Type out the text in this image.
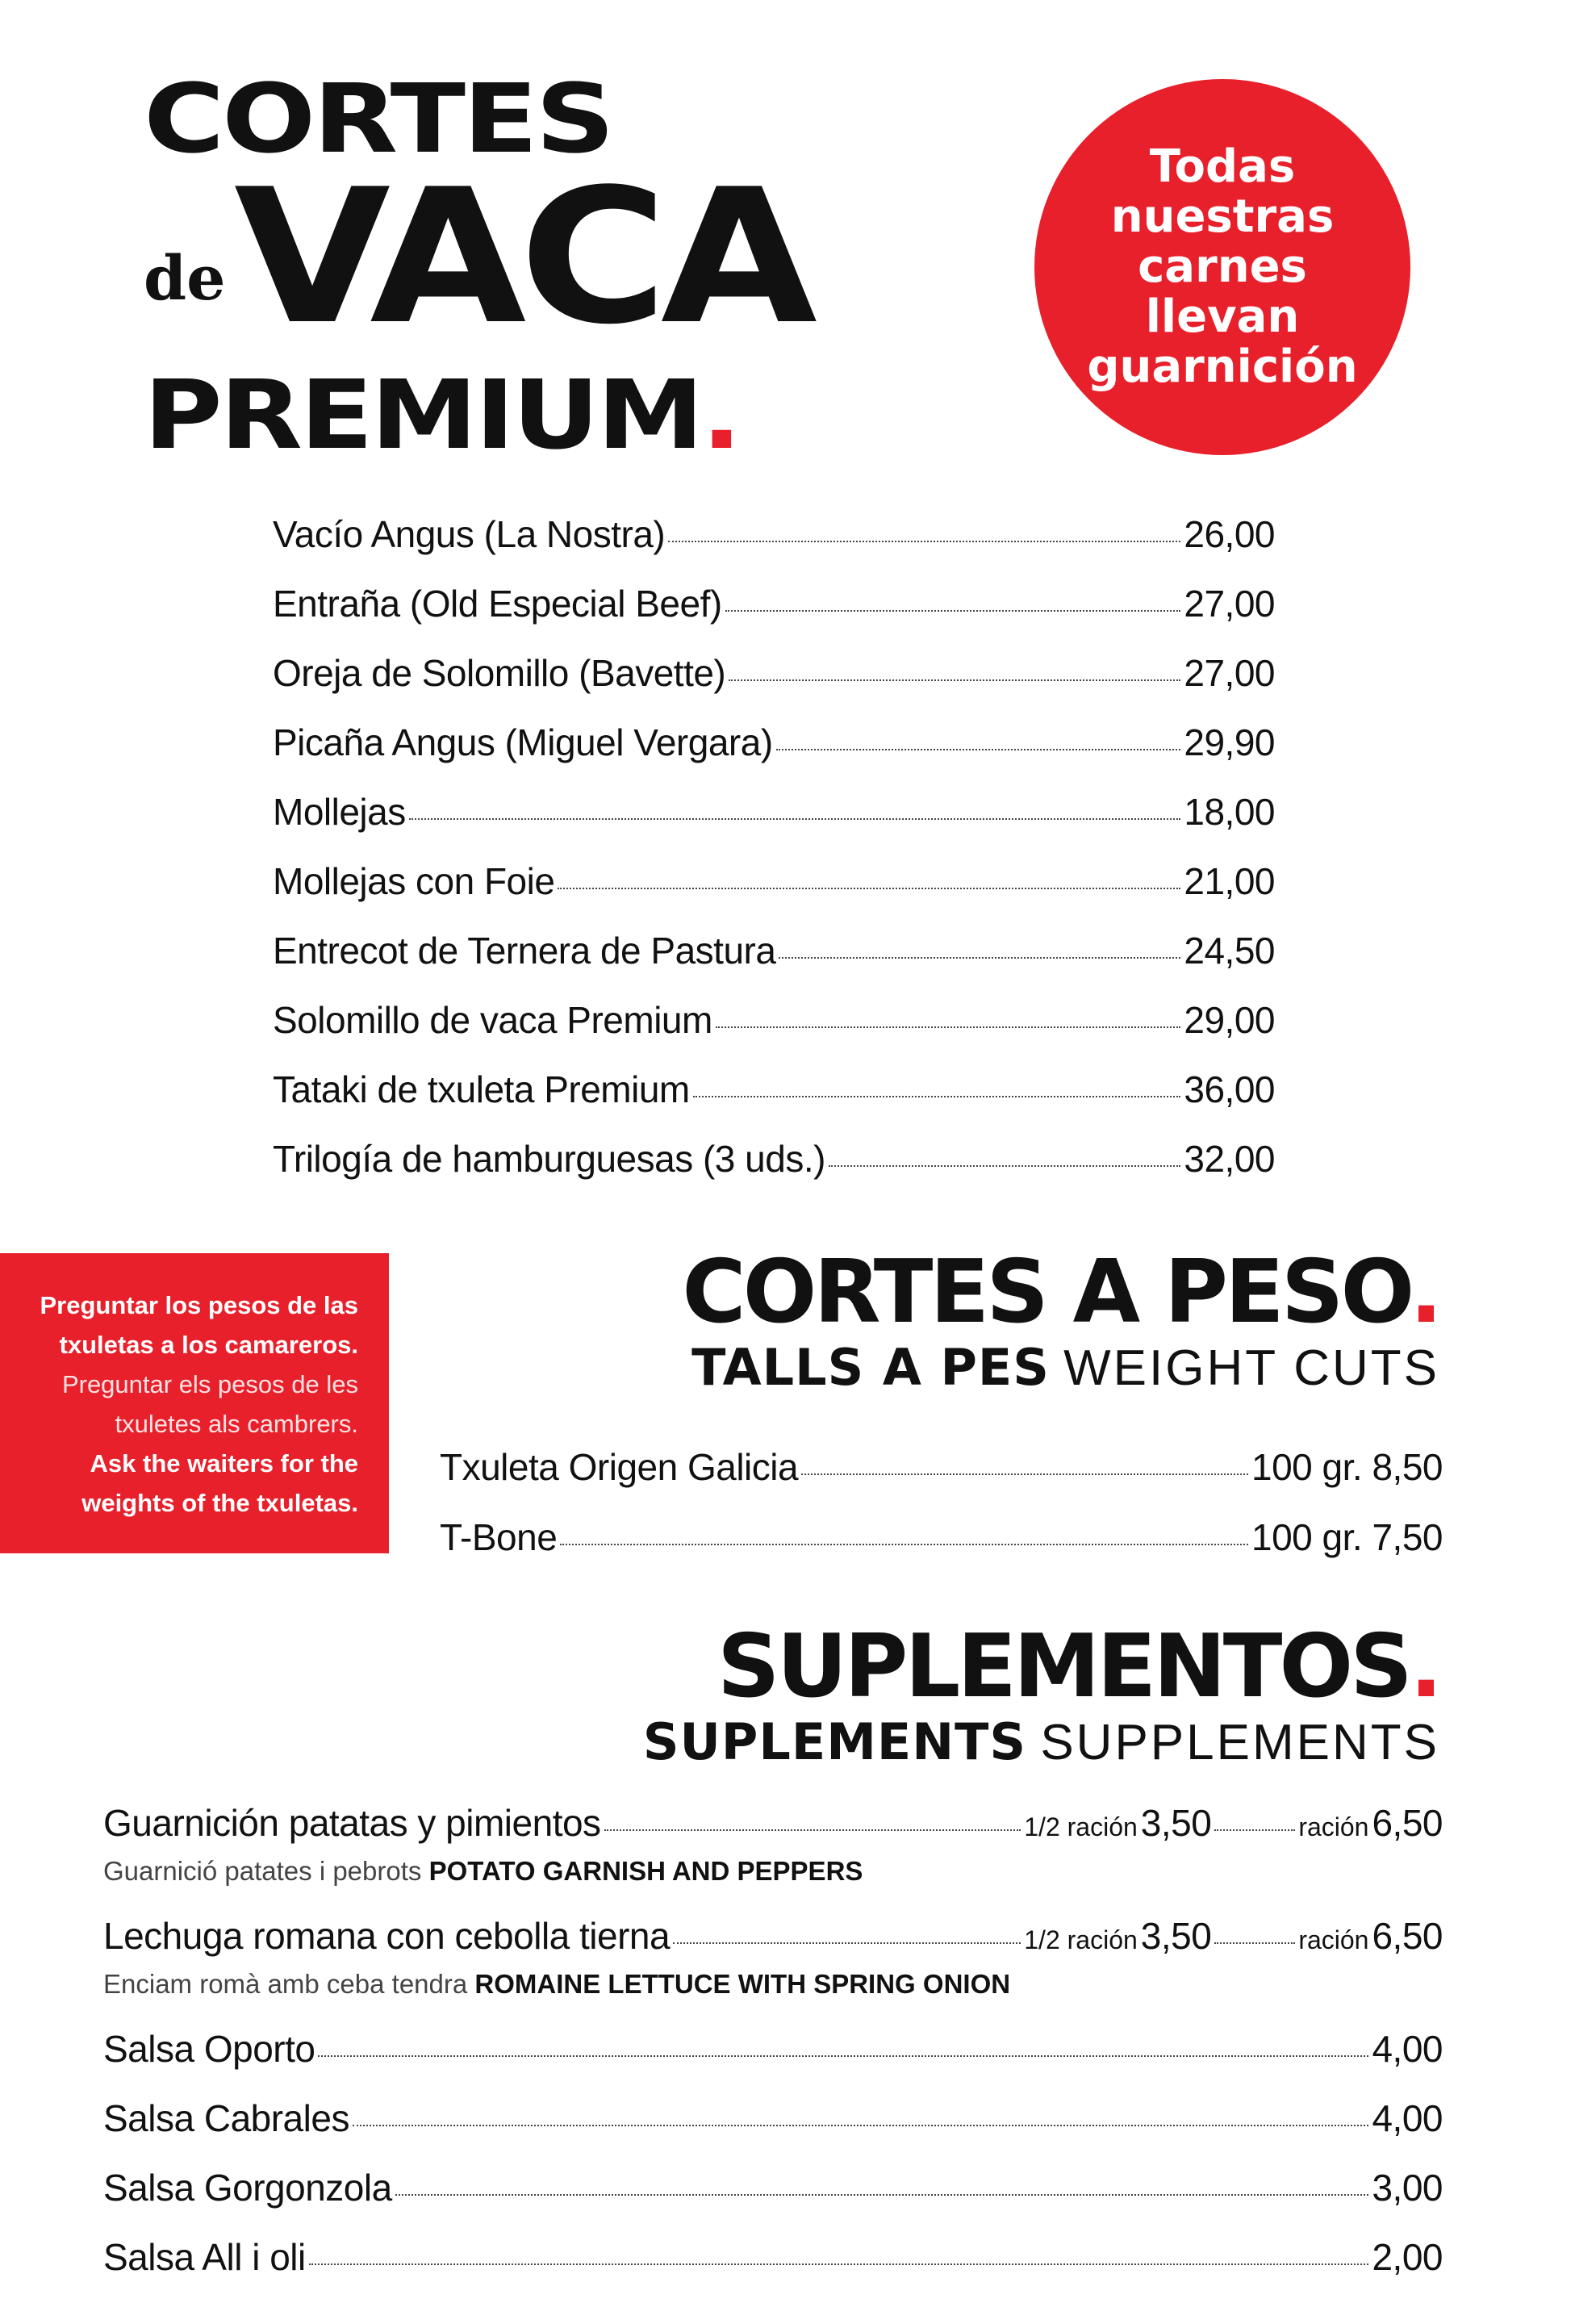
CORTES
de VACA
PREMIUM.
Todas
nuestras
carnes
llevan
guarnición
Vacío Angus (La Nostra)	26,00
Entraña (Old Especial Beef)	27,00
Oreja de Solomillo (Bavette)	27,00
Picaña Angus (Miguel Vergara)	29,90
Mollejas	18,00
Mollejas con Foie	21,00
Entrecot de Ternera de Pastura	24,50
Solomillo de vaca Premium	29,00
Tataki de txuleta Premium	36,00
Trilogía de hamburguesas (3 uds.)	32,00
Preguntar los pesos de las txuletas a los camareros.
Preguntar els pesos de les txuletes als cambrers.
Ask the waiters for the weights of the txuletas.
CORTES A PESO.
TALLS A PES WEIGHT CUTS
Txuleta Origen Galicia	100 gr. 8,50
T-Bone	100 gr. 7,50
SUPLEMENTOS.
SUPLEMENTS SUPPLEMENTS
Guarnición patatas y pimientos	1/2 ración 3,50	ración 6,50
Guarnició patates i pebrots POTATO GARNISH AND PEPPERS
Lechuga romana con cebolla tierna	1/2 ración 3,50	ración 6,50
Enciam romà amb ceba tendra ROMAINE LETTUCE WITH SPRING ONION
Salsa Oporto	4,00
Salsa Cabrales	4,00
Salsa Gorgonzola	3,00
Salsa All i oli	2,00
